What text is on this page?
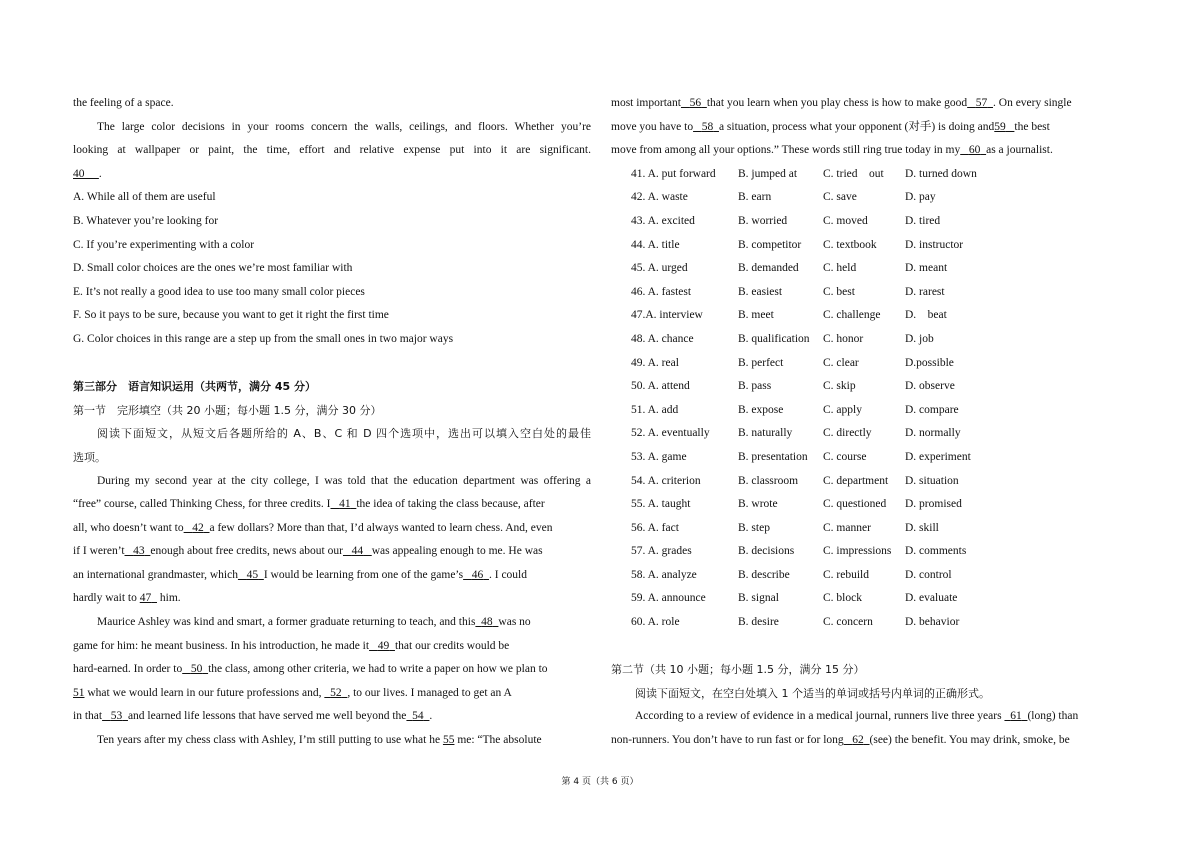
the feeling of a space.
The large color decisions in your rooms concern the walls, ceilings, and floors. Whether you’re
looking at wallpaper or paint, the time, effort and relative expense put into it are significant.
40　 .
A. While all of them are useful
B. Whatever you’re looking for
C. If you’re experimenting with a color
D. Small color choices are the ones we’re most familiar with
E. It’s not really a good idea to use too many small color pieces
F. So it pays to be sure, because you want to get it right the first time
G. Color choices in this range are a step up from the small ones in two major ways
第三部分　语言知识运用（共两节，满分 45 分）
第一节　完形填空（共 20 小题；每小题 1.5 分，满分 30 分）
阅读下面短文，从短文后各题所给的 A、B、C 和 D 四个选项中，选出可以填入空白处的最佳
选项。
During my second year at the city college, I was told that the education department was offering a
“free” course, called Thinking Chess, for three credits. I 41 the idea of taking the class because, after
all, who doesn’t want to 42 a few dollars? More than that, I’d always wanted to learn chess. And, even
if I weren’t 43 enough about free credits, news about our 44 was appealing enough to me. He was
an international grandmaster, which 45 I would be learning from one of the game’s 46 . I could
hardly wait to 47 him.
Maurice Ashley was kind and smart, a former graduate returning to teach, and this 48 was no
game for him: he meant business. In his introduction, he made it 49 that our credits would be
hard-earned. In order to 50 the class, among other criteria, we had to write a paper on how we plan to
51 what we would learn in our future professions and, 52 , to our lives. I managed to get an A
in that 53 and learned life lessons that have served me well beyond the 54 .
Ten years after my chess class with Ashley, I’m still putting to use what he 55 me: “The absolute
most important 56 that you learn when you play chess is how to make good 57 . On every single
move you have to 58 a situation, process what your opponent (对手) is doing and59 the best
move from among all your options.” These words still ring true today in my 60 as a journalist.
41. A. put forward B. jumped at C. tried　out D. turned down
42. A. waste	B. earn	C. save	D. pay
43. A. excited	B. worried	C. moved	D. tired
44. A. title	B. competitor C. textbook D. instructor
45. A. urged	B. demanded C. held	D. meant
46. A. fastest	B. easiest	C. best	D. rarest
47.A. interview	B. meet	C. challenge D.　beat
48. A. chance	B. qualification C. honor	D. job
49. A. real	B. perfect	C. clear	D.possible
50. A. attend	B. pass	C. skip	D. observe
51. A. add	B. expose	C. apply	D. compare
52. A. eventually B. naturally	C. directly	D. normally
53. A. game	B. presentation C. course	D. experiment
54. A. criterion	B. classroom C. department D. situation
55. A. taught	B. wrote	C. questioned D. promised
56. A. fact	B. step	C. manner	D. skill
57. A. grades	B. decisions	C. impressions D. comments
58. A. analyze	B. describe	C. rebuild	D. control
59. A. announce	B. signal	C. block	D. evaluate
60. A. role	B. desire	C. concern	D. behavior
第二节（共 10 小题；每小题 1.5 分，满分 15 分）
阅读下面短文，在空白处填入 1 个适当的单词或括号内单词的正确形式。
According to a review of evidence in a medical journal, runners live three years 61 (long) than
non-runners. You don’t have to run fast or for long 62 (see) the benefit. You may drink, smoke, be
第 4 页（共 6 页）
